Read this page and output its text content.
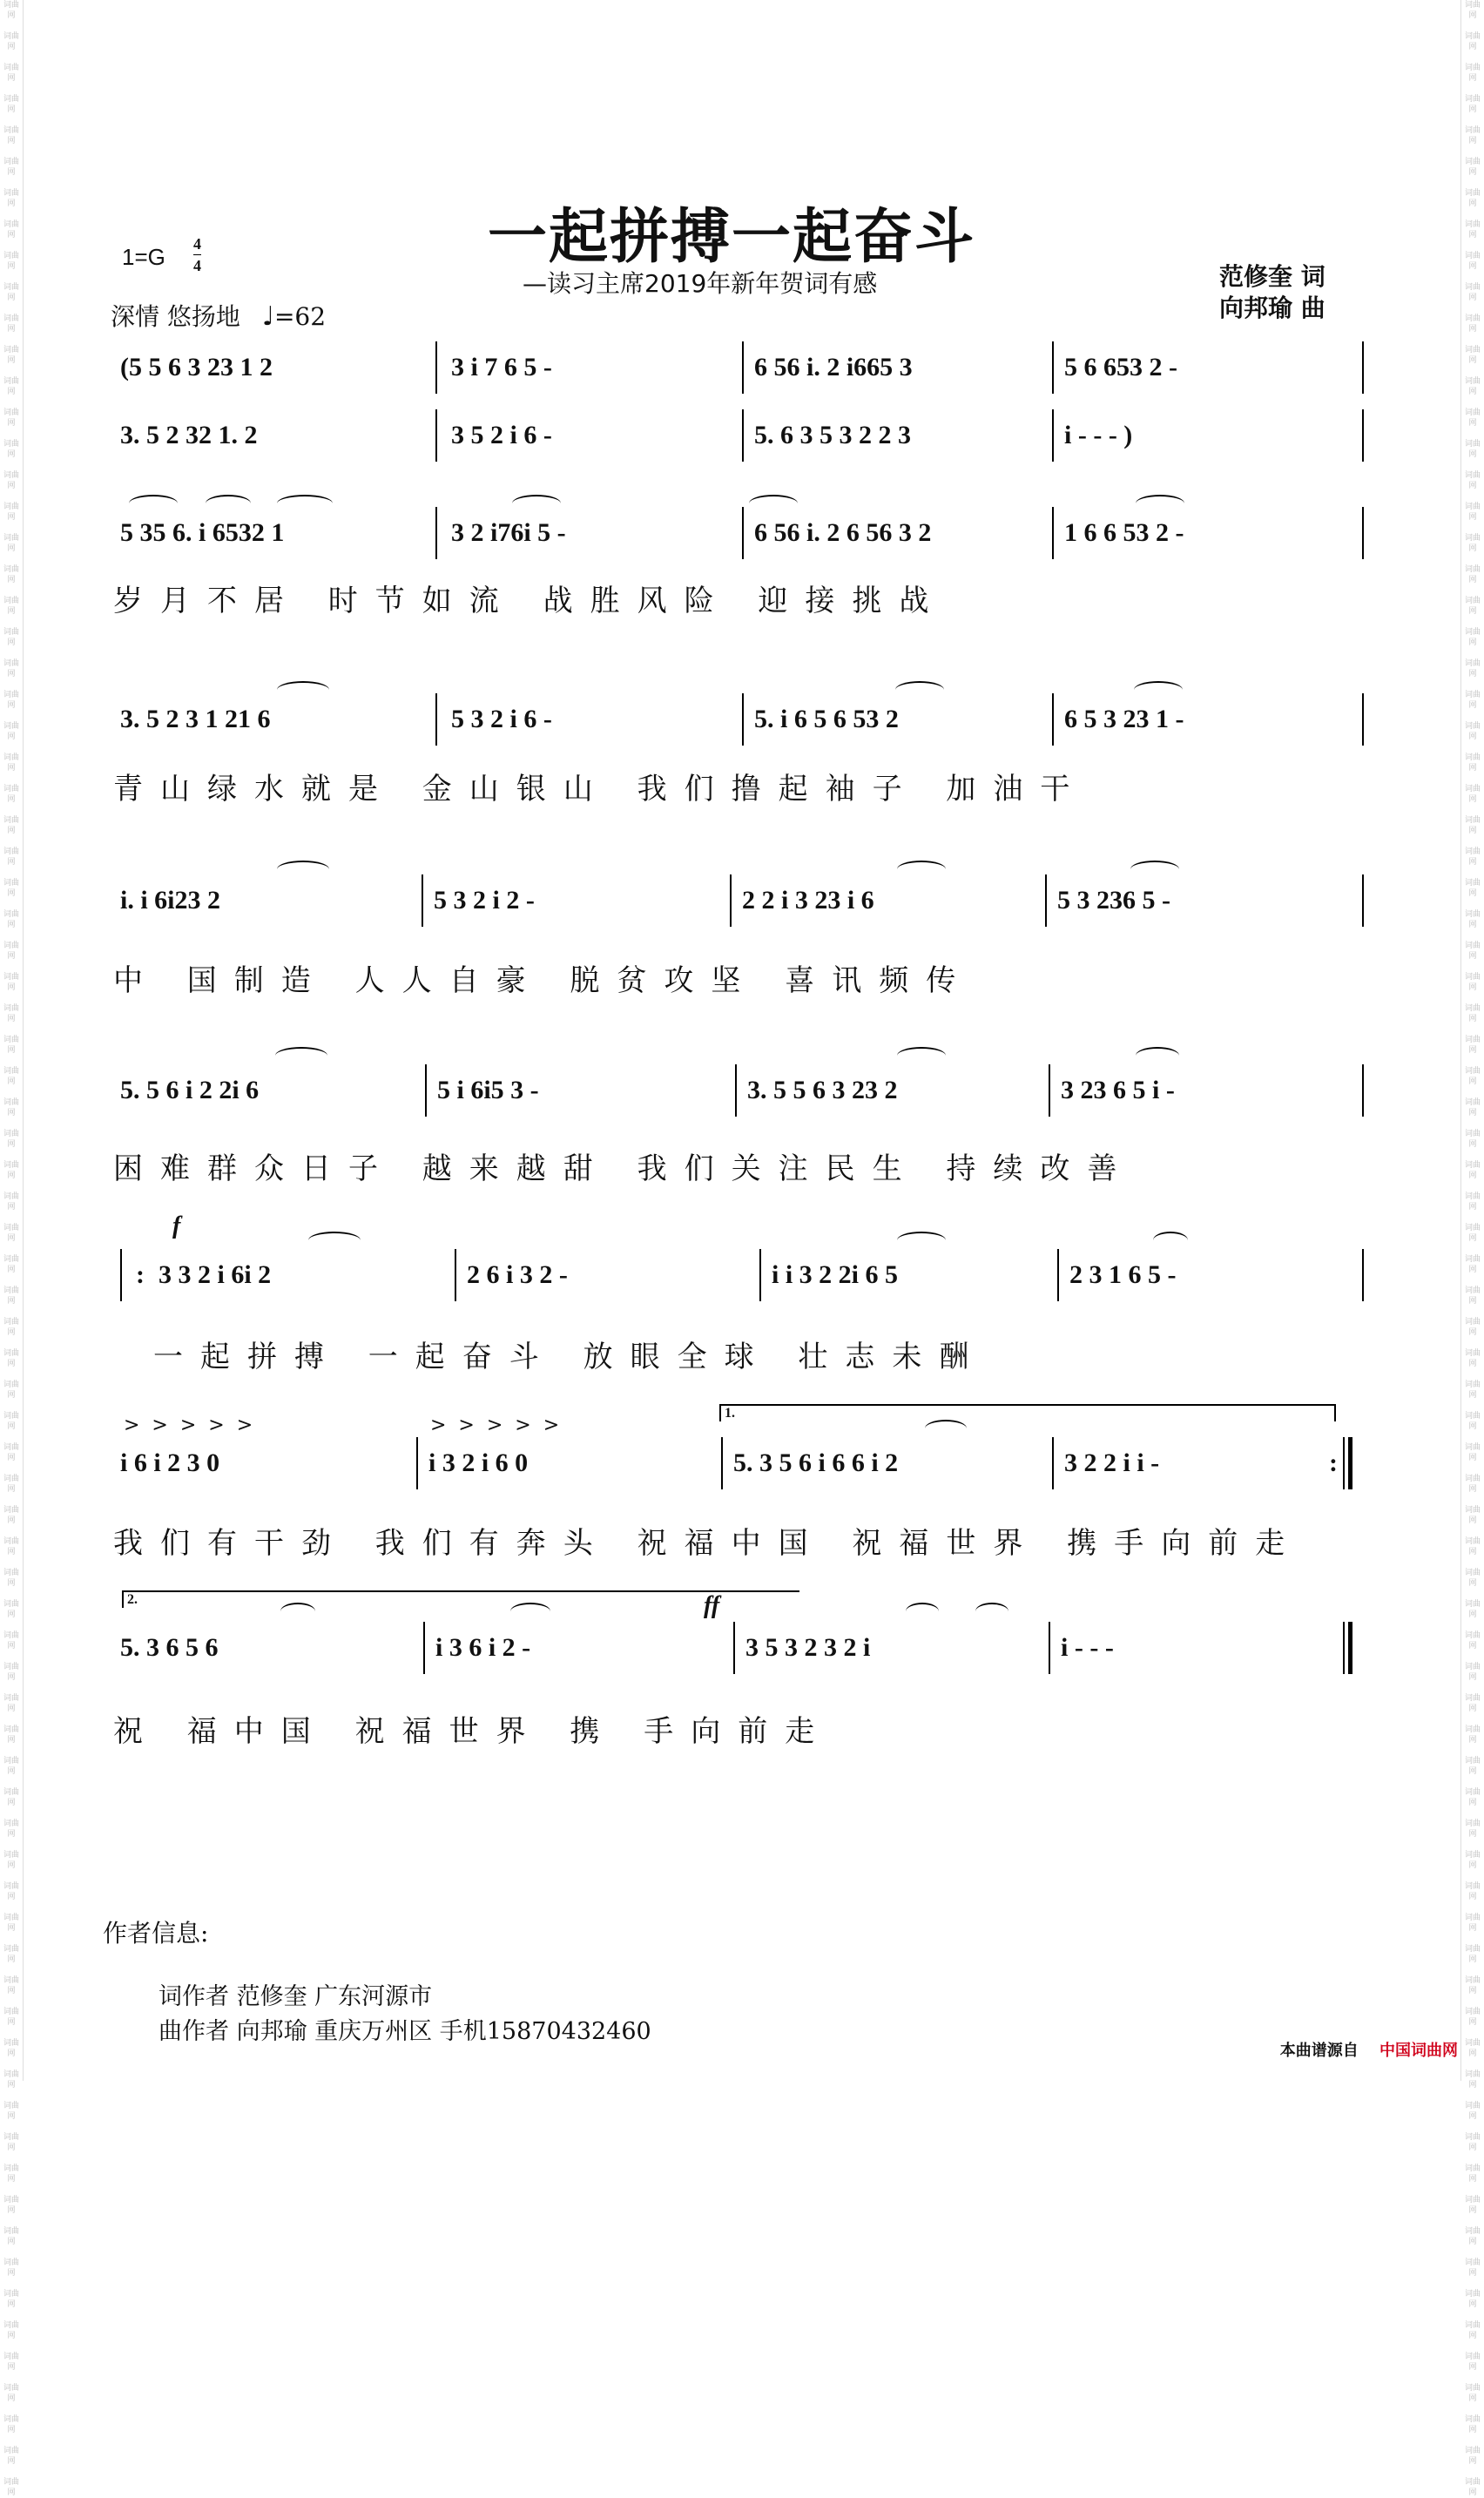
词曲网

词曲网

词曲网

词曲网

词曲网

词曲网

词曲网

词曲网

词曲网

词曲网

词曲网

词曲网

词曲网

词曲网

词曲网

词曲网

词曲网

词曲网

词曲网

词曲网

词曲网

词曲网

词曲网

词曲网

词曲网

词曲网

词曲网

词曲网

词曲网

词曲网

词曲网

词曲网

词曲网

词曲网

词曲网

词曲网

词曲网

词曲网

词曲网

词曲网

词曲网

词曲网

词曲网

词曲网

词曲网

词曲网

词曲网

词曲网

词曲网

词曲网

词曲网

词曲网

词曲网

词曲网

词曲网

词曲网

词曲网

词曲网

词曲网

词曲网

词曲网

词曲网

词曲网

词曲网

词曲网

词曲网

词曲网

词曲网

词曲网

词曲网

词曲网

词曲网

词曲网

词曲网

词曲网

词曲网

词曲网

词曲网

词曲网

词曲网

词曲网

词曲网

词曲网

词曲网

词曲网

词曲网

词曲网

词曲网

词曲网

词曲网

词曲网

词曲网

词曲网

词曲网

词曲网

词曲网

词曲网

词曲网

词曲网

词曲网

词曲网

词曲网

词曲网

词曲网

词曲网

词曲网

词曲网

词曲网

词曲网

词曲网

词曲网

词曲网

词曲网

词曲网

词曲网

词曲网

词曲网

词曲网

词曲网

词曲网

词曲网

词曲网

词曲网

词曲网

词曲网

词曲网

词曲网

词曲网

词曲网

词曲网

词曲网

词曲网

词曲网

词曲网

词曲网

词曲网

词曲网

词曲网

词曲网

词曲网

词曲网

词曲网

词曲网

词曲网

词曲网

词曲网

词曲网

词曲网

词曲网

词曲网

词曲网

词曲网

词曲网

词曲网

词曲网

词曲网

词曲网

词曲网

词曲网

词曲网

一起拼搏一起奋斗
—读习主席2019年新年贺词有感
1=G 4
4
深情 悠扬地 ♩=62
范修奎 词
向邦瑜 曲
f
ff
>>>>>	>>>>>
1.
2.
(5 5 6 3 23 1 2	3 i 7 6 5 -	6 56 i. 2 i665 3	5 6 653 2 -
3. 5 2 32 1. 2	3 5 2 i 6 -	5. 6 3 5 3 2 2 3	i - - - )
5 35 6. i 6532 1	3 2 i76i 5 -	6 56 i. 2 6 56 3 2	1 6 6 53 2 -
岁月不居 时节如流 战胜风险 迎接挑战
3. 5 2 3 1 21 6	5 3 2 i 6 -	5. i 6 5 6 53 2	6 5 3 23 1 -
青山绿水就是 金山银山 我们撸起袖子 加油干
i. i 6i23 2	5 3 2 i 2 -	2 2 i 3 23 i 6	5 3 236 5 -
中 国制造 人人自豪 脱贫攻坚 喜讯频传
5. 5 6 i 2 2i 6	5 i 6i5 3 -	3. 5 5 6 3 23 2	3 23 6 5 i -
困难群众日子 越来越甜 我们关注民生 持续改善
: 3 3 2 i 6i 2	2 6 i 3 2 -	i i 3 2 2i 6 5	2 3 1 6 5 -
一起拼搏 一起奋斗 放眼全球 壮志未酬
i 6 i 2 3 0	i 3 2 i 6 0	5. 3 5 6 i 6 6 i 2	3 2 2 i i -	:
我们有干劲 我们有奔头 祝福中国 祝福世界 携手向前走
5. 3 6 5 6	i 3 6 i 2 -	3 5 3 2 3 2 i	i - - -
祝 福中国 祝福世界 携 手向前走
作者信息:
词作者 范修奎 广东河源市
曲作者 向邦瑜 重庆万州区 手机15870432460
本曲谱源自 中国词曲网
